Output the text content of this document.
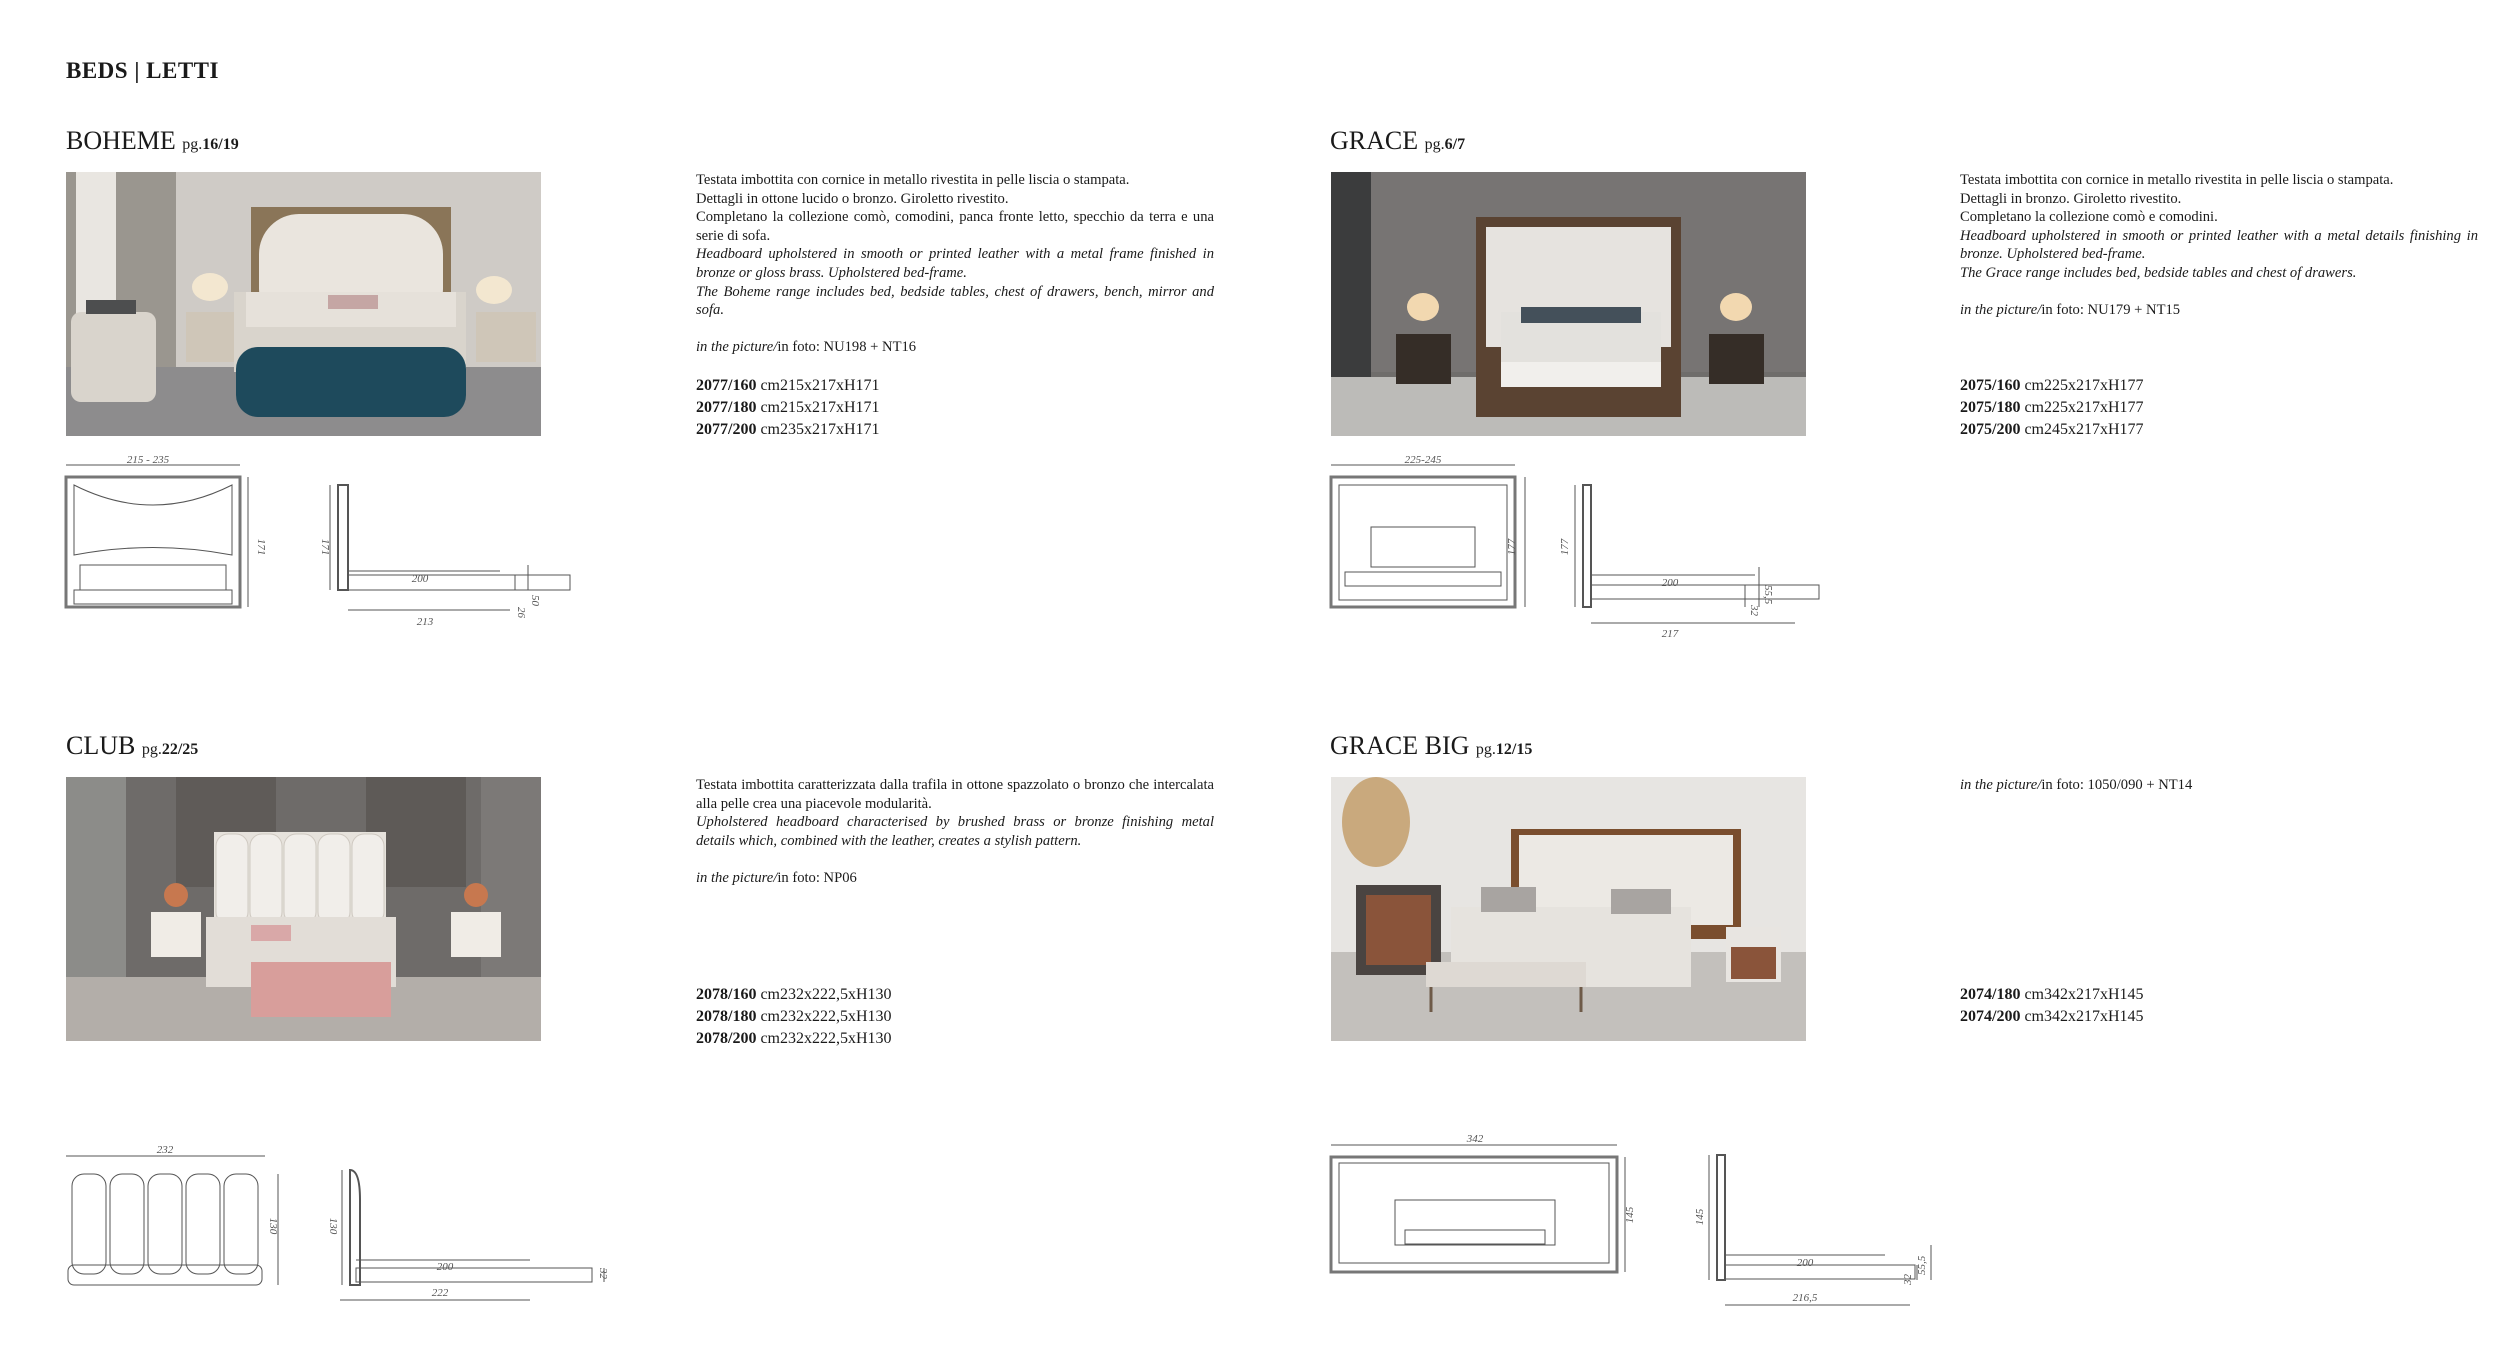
BEDS | LETTI
BOHEME pg.16/19

Testata imbottita con cornice in metallo rivestita in pelle liscia o stampata.

Dettagli in ottone lucido o bronzo. Giroletto rivestito.

Completano la collezione comò, comodini, panca fronte letto, specchio da terra e una serie di sofa.

Headboard upholstered in smooth or printed leather with a metal frame finished in bronze or gloss brass. Upholstered bed-frame.

The Boheme range includes bed, bedside tables, chest of drawers, bench, mirror and sofa.

in the picture/in foto: NU198 + NT16

2077/160 cm215x217xH171
2077/180 cm215x217xH171
2077/200 cm235x217xH171
215 - 235
171	171
200
213
26
50
GRACE pg.6/7

Testata imbottita con cornice in metallo rivestita in pelle liscia o stampata.

Dettagli in bronzo. Giroletto rivestito.

Completano la collezione comò e comodini.

Headboard upholstered in smooth or printed leather with a metal details finishing in bronze. Upholstered bed-frame.

The Grace range includes bed, bedside tables and chest of drawers.

in the picture/in foto: NU179 + NT15

2075/160 cm225x217xH177
2075/180 cm225x217xH177
2075/200 cm245x217xH177
225-245
177	177
200
217
32
55,5
CLUB pg.22/25

Testata imbottita caratterizzata dalla trafila in ottone spazzolato o bronzo che intercalata alla pelle crea una piacevole modularità.

Upholstered headboard characterised by brushed brass or bronze finishing metal details which, combined with the leather, creates a stylish pattern.

in the picture/in foto: NP06

2078/160 cm232x222,5xH130
2078/180 cm232x222,5xH130
2078/200 cm232x222,5xH130
232
130	130
200
222
32
GRACE BIG pg.12/15

in the picture/in foto: 1050/090 + NT14

2074/180 cm342x217xH145
2074/200 cm342x217xH145
342
145	145
200
216,5
32
55,5
